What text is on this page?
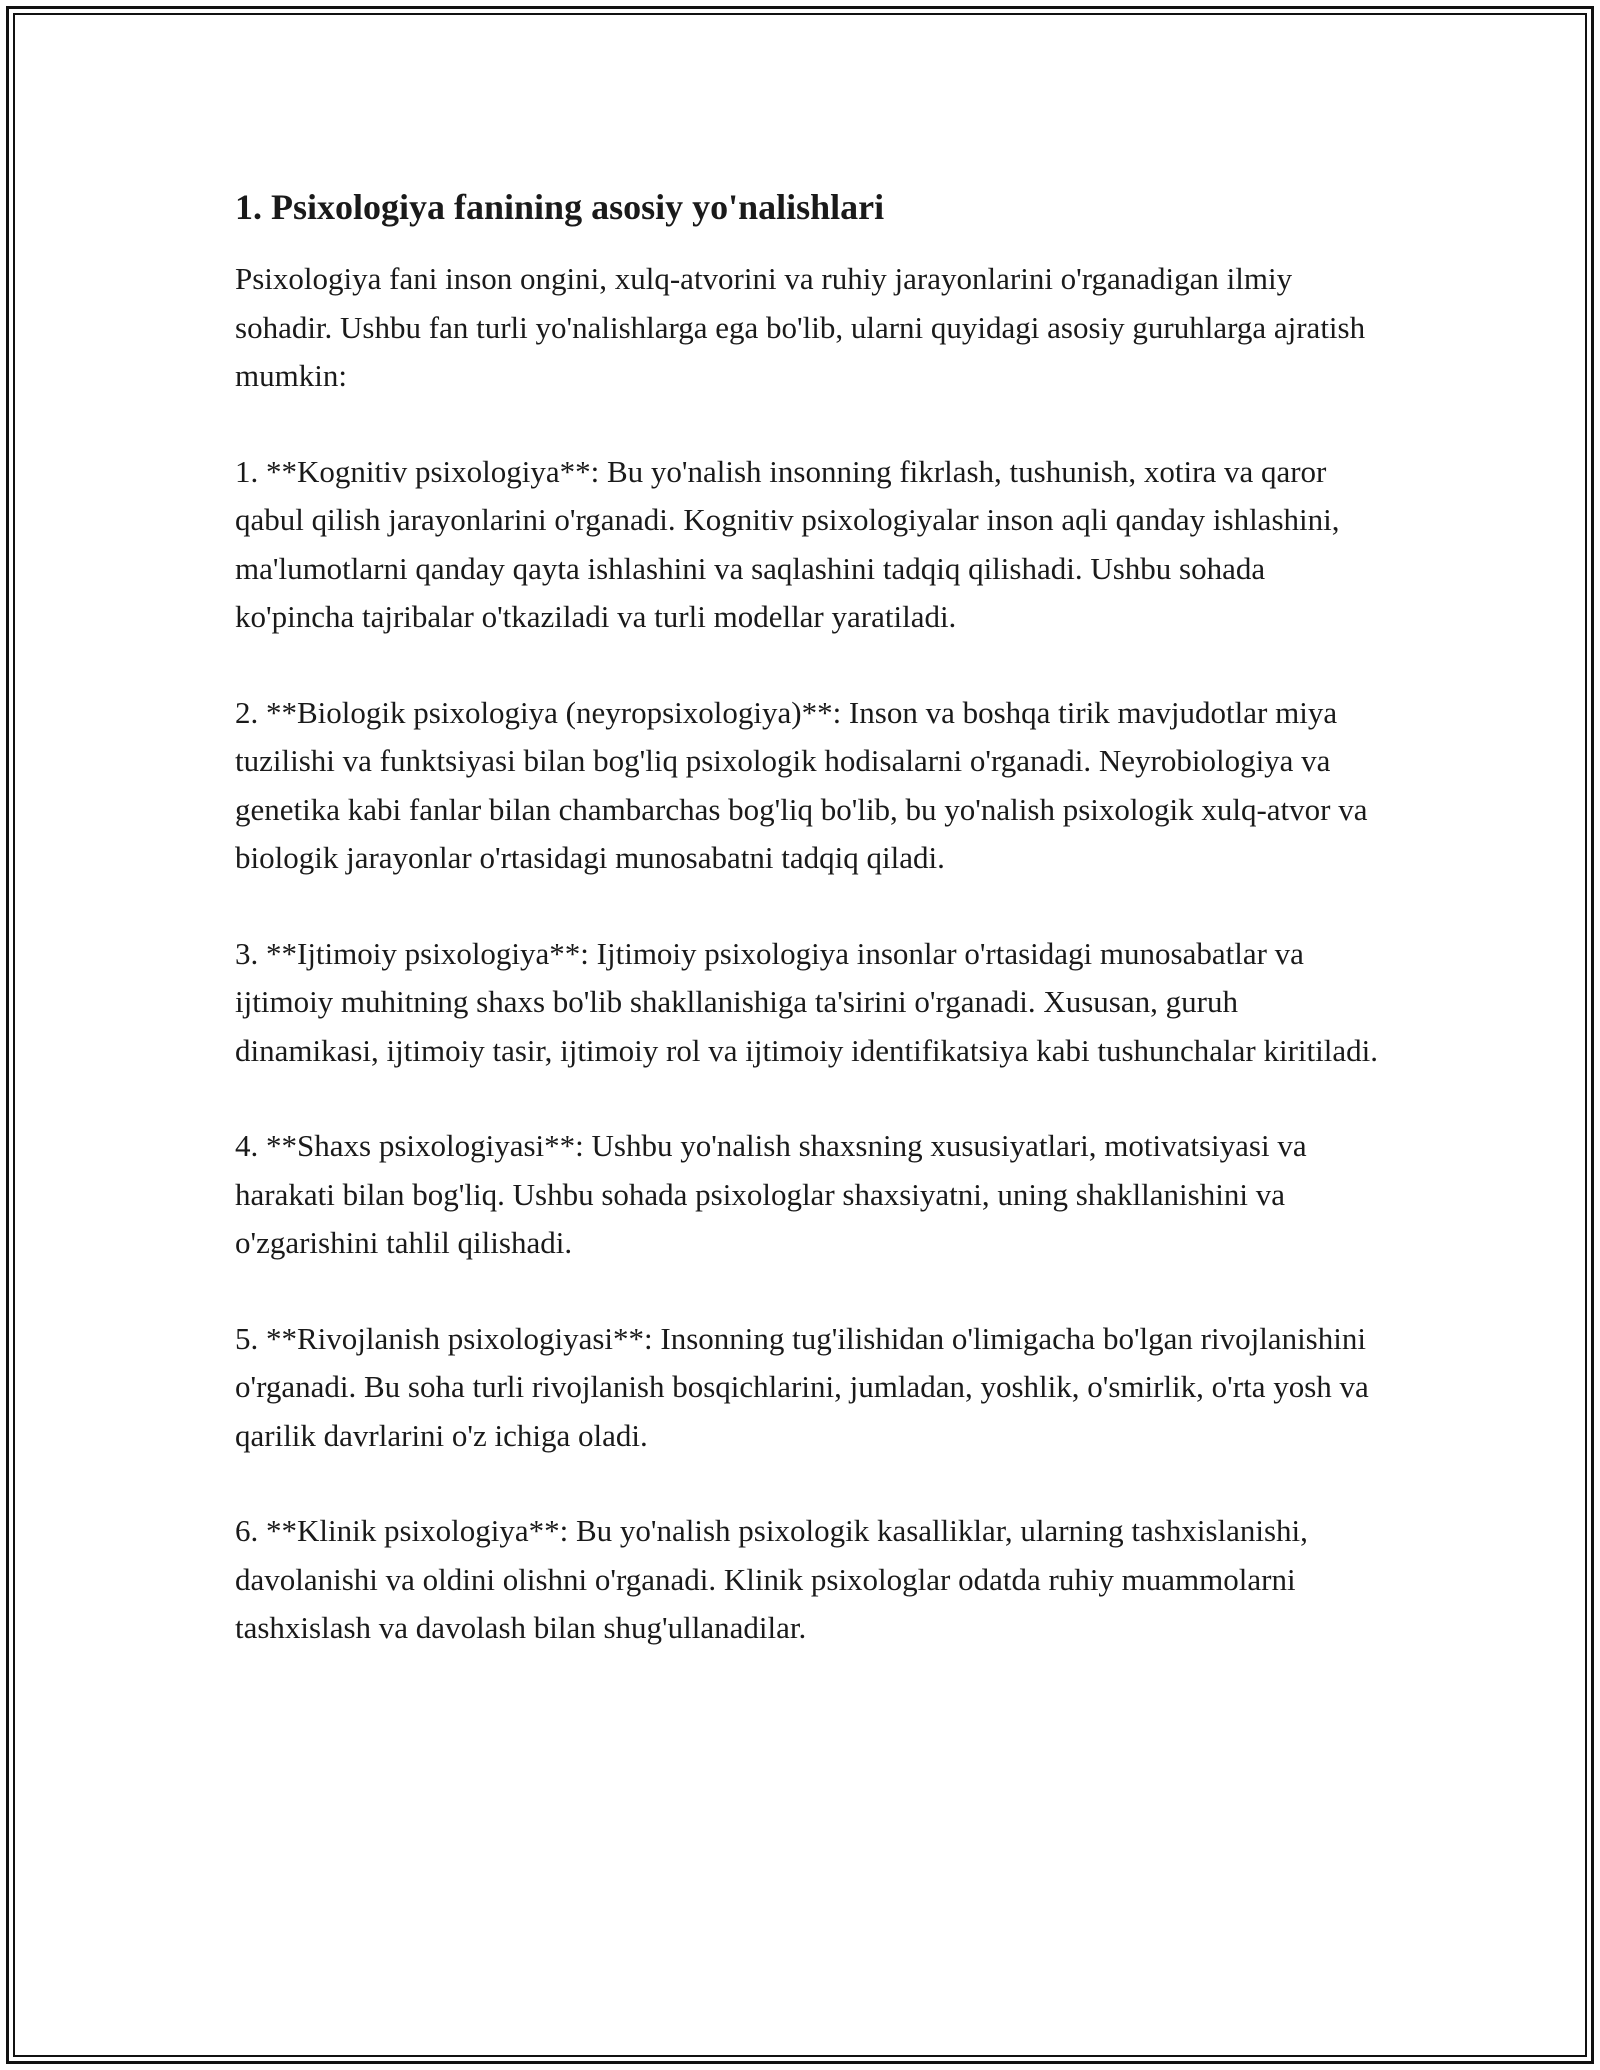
1. Psixologiya fanining asosiy yo'nalishlari
Psixologiya fani inson ongini, xulq-atvorini va ruhiy jarayonlarini o'rganadigan ilmiy sohadir. Ushbu fan turli yo'nalishlarga ega bo'lib, ularni quyidagi asosiy guruhlarga ajratish mumkin:
1. **Kognitiv psixologiya**: Bu yo'nalish insonning fikrlash, tushunish, xotira va qaror qabul qilish jarayonlarini o'rganadi. Kognitiv psixologiyalar inson aqli qanday ishlashini, ma'lumotlarni qanday qayta ishlashini va saqlashini tadqiq qilishadi. Ushbu sohada ko'pincha tajribalar o'tkaziladi va turli modellar yaratiladi.
2. **Biologik psixologiya (neyropsixologiya)**: Inson va boshqa tirik mavjudotlar miya tuzilishi va funktsiyasi bilan bog'liq psixologik hodisalarni o'rganadi. Neyrobiologiya va genetika kabi fanlar bilan chambarchas bog'liq bo'lib, bu yo'nalish psixologik xulq-atvor va biologik jarayonlar o'rtasidagi munosabatni tadqiq qiladi.
3. **Ijtimoiy psixologiya**: Ijtimoiy psixologiya insonlar o'rtasidagi munosabatlar va ijtimoiy muhitning shaxs bo'lib shakllanishiga ta'sirini o'rganadi. Xususan, guruh dinamikasi, ijtimoiy tasir, ijtimoiy rol va ijtimoiy identifikatsiya kabi tushunchalar kiritiladi.
4. **Shaxs psixologiyasi**: Ushbu yo'nalish shaxsning xususiyatlari, motivatsiyasi va harakati bilan bog'liq. Ushbu sohada psixologlar shaxsiyatni, uning shakllanishini va o'zgarishini tahlil qilishadi.
5. **Rivojlanish psixologiyasi**: Insonning tug'ilishidan o'limigacha bo'lgan rivojlanishini o'rganadi. Bu soha turli rivojlanish bosqichlarini, jumladan, yoshlik, o'smirlik, o'rta yosh va qarilik davrlarini o'z ichiga oladi.
6. **Klinik psixologiya**: Bu yo'nalish psixologik kasalliklar, ularning tashxislanishi, davolanishi va oldini olishni o'rganadi. Klinik psixologlar odatda ruhiy muammolarni tashxislash va davolash bilan shug'ullanadilar.
